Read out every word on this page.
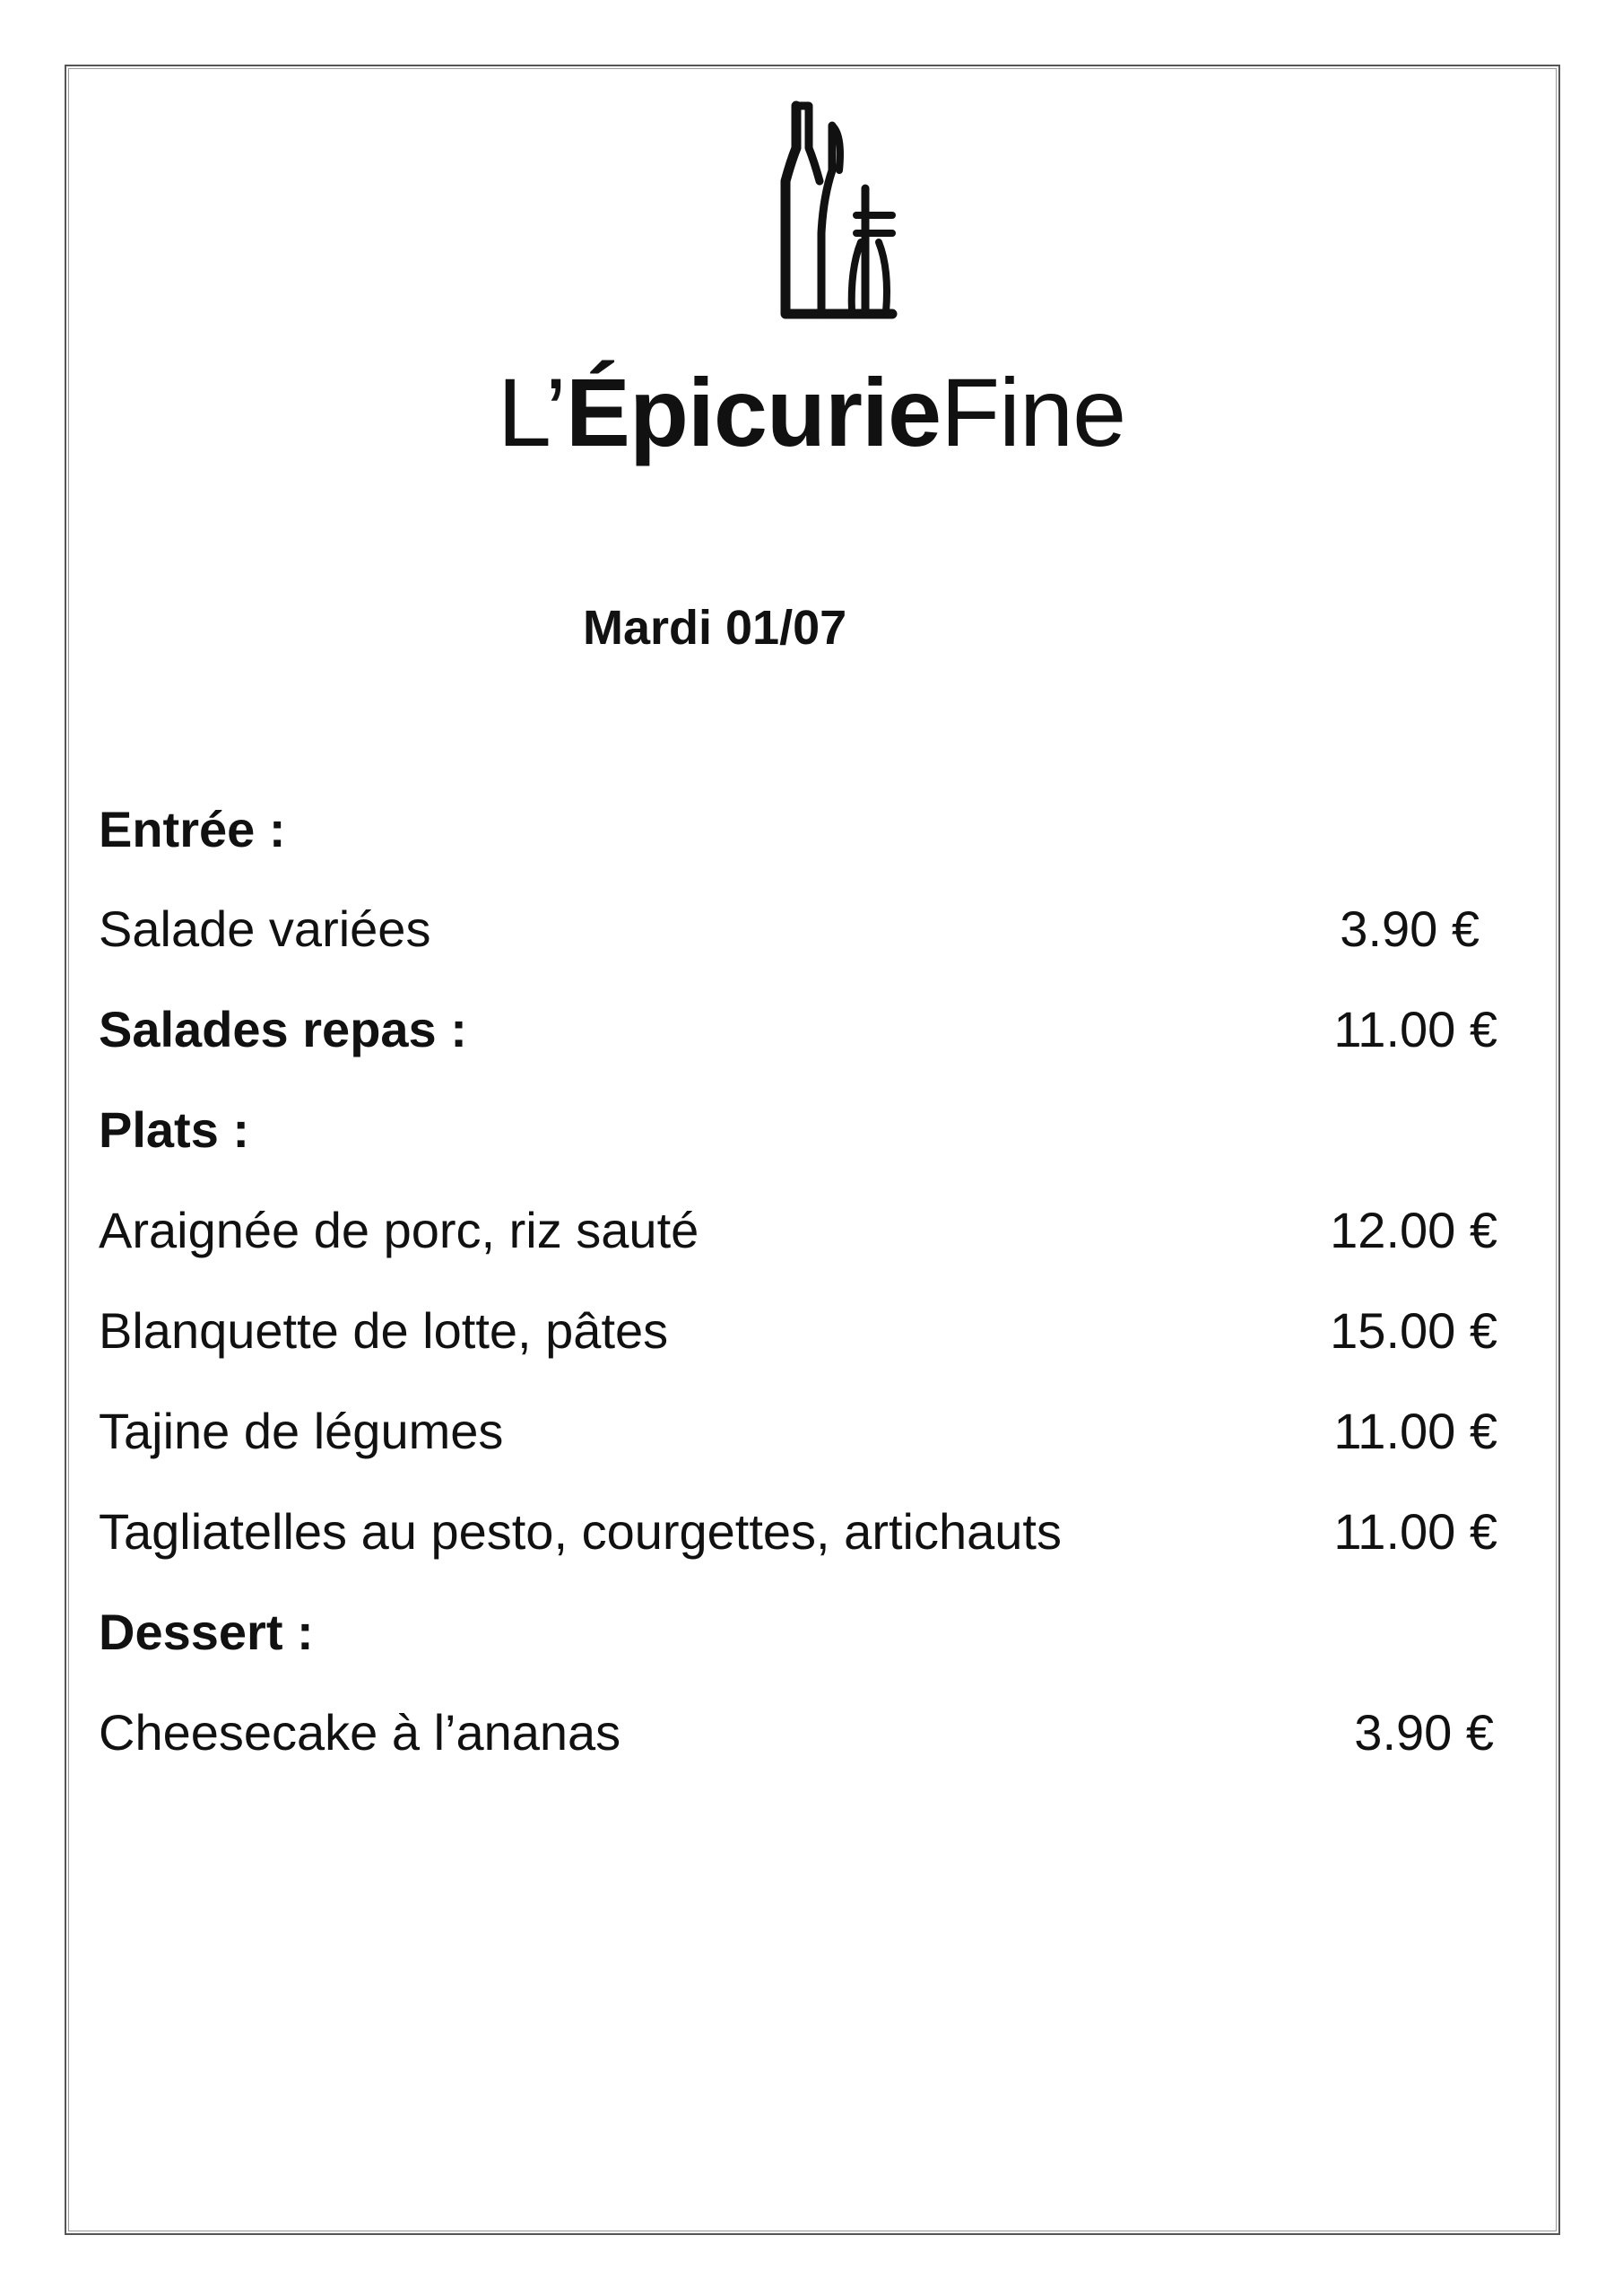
L’ÉpicurieFine
Mardi 01/07
Entrée :
Salade variées	3.90 €
Salades repas :	11.00 €
Plats :
Araignée de porc, riz sauté	12.00 €
Blanquette de lotte, pâtes	15.00 €
Tajine de légumes	11.00 €
Tagliatelles au pesto, courgettes, artichauts	11.00 €
Dessert :
Cheesecake à l’ananas	3.90 €
